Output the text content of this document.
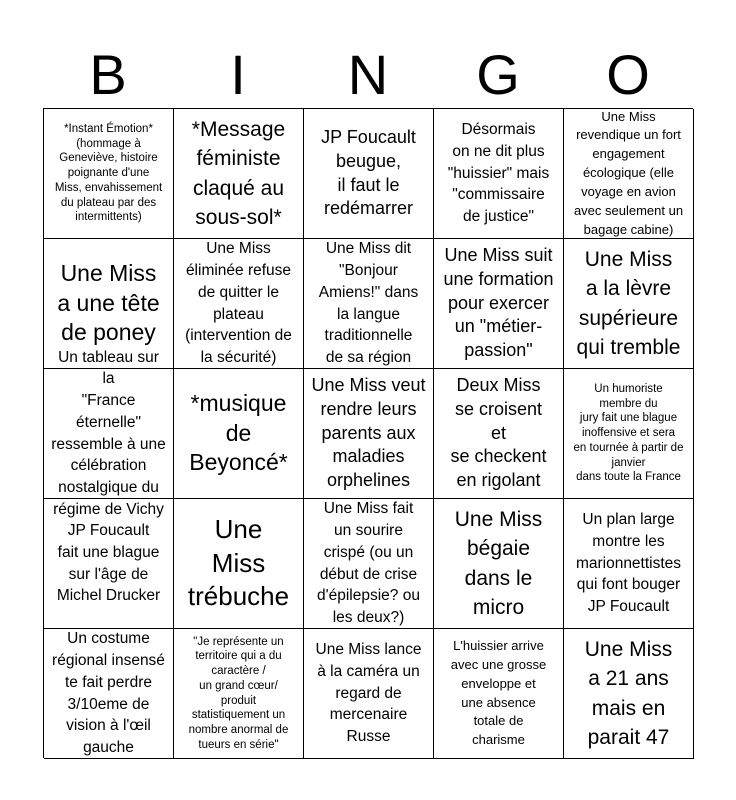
B	I	N	G	O
*Instant Émotion*
(hommage à
Geneviève, histoire
poignante d'une
Miss, envahissement
du plateau par des
intermittents)
*Message
féministe
claqué au
sous-sol*
JP Foucault
beugue,
il faut le
redémarrer
Désormais
on ne dit plus
"huissier" mais
"commissaire
de justice"
Une Miss
revendique un fort
engagement
écologique (elle
voyage en avion
avec seulement un
bagage cabine)
Une Miss
a une tête
de poney
Une Miss
éliminée refuse
de quitter le
plateau
(intervention de
la sécurité)
Une Miss dit
"Bonjour
Amiens!" dans
la langue
traditionnelle
de sa région
Une Miss suit
une formation
pour exercer
un "métier-
passion"
Une Miss
a la lèvre
supérieure
qui tremble
Un tableau sur la
"France éternelle"
ressemble à une
célébration
nostalgique du
régime de Vichy
*musique
de
Beyoncé*
Une Miss veut
rendre leurs
parents aux
maladies
orphelines
Deux Miss
se croisent
et
se checkent
en rigolant
Un humoriste
membre du
jury fait une blague
inoffensive et sera
en tournée à partir de
janvier
dans toute la France
JP Foucault
fait une blague
sur l'âge de
Michel Drucker
Une
Miss
trébuche
Une Miss fait
un sourire
crispé (ou un
début de crise
d'épilepsie? ou
les deux?)
Une Miss
bégaie
dans le
micro
Un plan large
montre les
marionnettistes
qui font bouger
JP Foucault
Un costume
régional insensé
te fait perdre
3/10eme de
vision à l'œil
gauche
"Je représente un
territoire qui a du
caractère /
un grand cœur/
produit
statistiquement un
nombre anormal de
tueurs en série"
Une Miss lance
à la caméra un
regard de
mercenaire
Russe
L'huissier arrive
avec une grosse
enveloppe et
une absence
totale de
charisme
Une Miss
a 21 ans
mais en
parait 47
